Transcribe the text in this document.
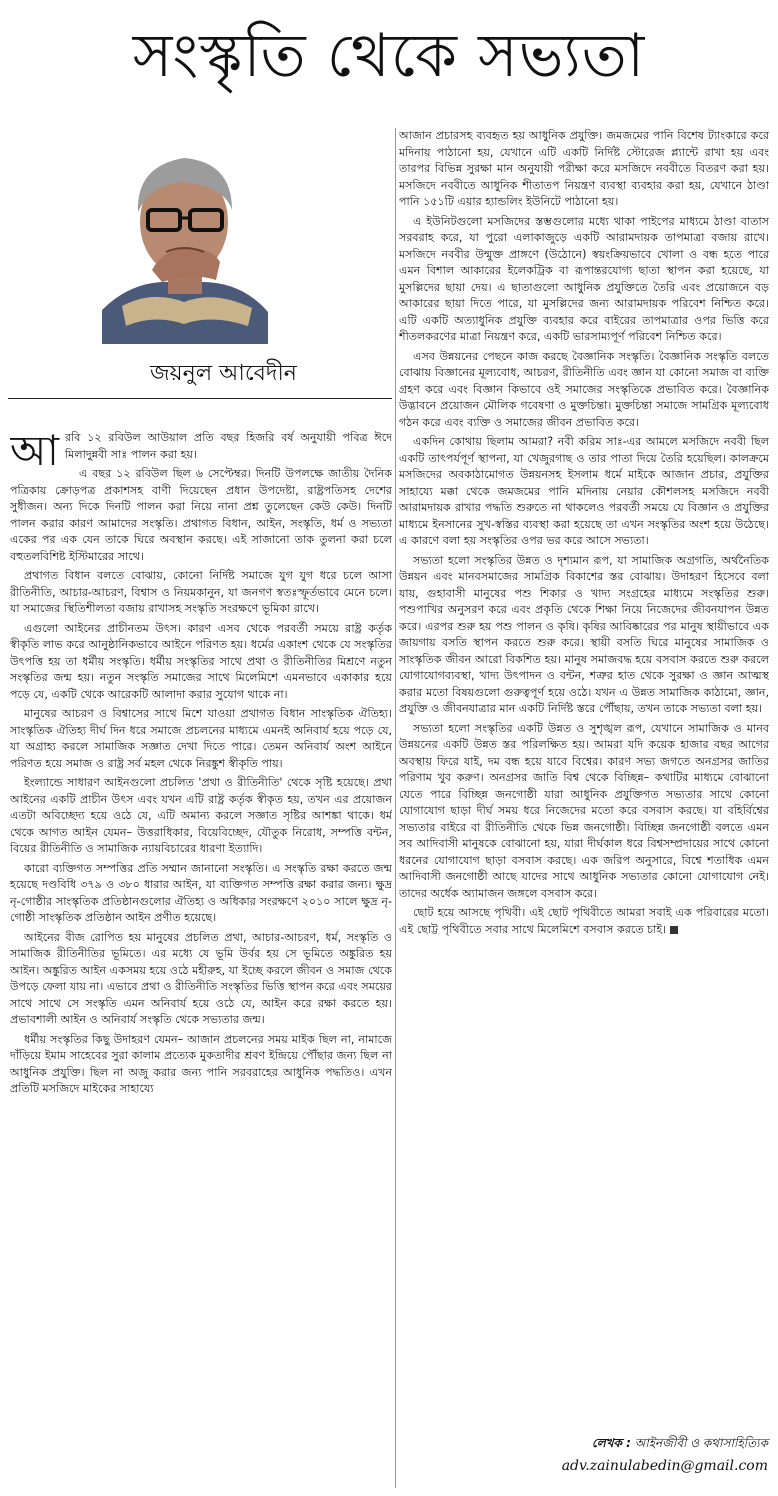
সংস্কৃতি থেকে সভ্যতা
জয়নুল আবেদীন

আরবি ১২ রবিউল আউয়াল প্রতি বছর হিজরি বর্ষ অনুযায়ী পবিত্র ঈদে মিলাদুন্নবী সাঃ পালন করা হয়।

এ বছর ১২ রবিউল ছিল ৬ সেপ্টেম্বর। দিনটি উপলক্ষে জাতীয় দৈনিক পত্রিকায় ক্রোড়পত্র প্রকাশসহ বাণী দিয়েছেন প্রধান উপদেষ্টা, রাষ্ট্রপতিসহ দেশের সুধীজন। অন্য দিকে দিনটি পালন করা নিয়ে নানা প্রশ্ন তুলেছেন কেউ কেউ। দিনটি পালন করার কারণ আমাদের সংস্কৃতি। প্রথাগত বিধান, আইন, সংস্কৃতি, ধর্ম ও সভ্যতা একের পর এক যেন তাকে ঘিরে অবস্থান করছে। এই সাজানো তাক তুলনা করা চলে বহুতলবিশিষ্ট ইস্টিমারের সাথে।

প্রথাগত বিধান বলতে বোঝায়, কোনো নির্দিষ্ট সমাজে যুগ যুগ ধরে চলে আসা রীতিনীতি, আচার-আচরণ, বিশ্বাস ও নিয়মকানুন, যা জনগণ স্বতঃস্ফূর্তভাবে মেনে চলে। যা সমাজের স্থিতিশীলতা বজায় রাখাসহ সংস্কৃতি সংরক্ষণে ভূমিকা রাখে।

এগুলো আইনের প্রাচীনতম উৎস। কারণ এসব থেকে পরবর্তী সময়ে রাষ্ট্র কর্তৃক স্বীকৃতি লাভ করে আনুষ্ঠানিকভাবে আইনে পরিণত হয়। ধর্মের একাংশ থেকে যে সংস্কৃতির উৎপত্তি হয় তা ধর্মীয় সংস্কৃতি। ধর্মীয় সংস্কৃতির সাথে প্রথা ও রীতিনীতির মিশ্রণে নতুন সংস্কৃতির জন্ম হয়। নতুন সংস্কৃতি সমাজের সাথে মিলেমিশে এমনভাবে একাকার হয়ে পড়ে যে, একটি থেকে আরেকটি আলাদা করার সুযোগ থাকে না।

মানুষের আচরণ ও বিশ্বাসের সাথে মিশে যাওয়া প্রথাগত বিধান সাংস্কৃতিক ঐতিহ্য। সাংস্কৃতিক ঐতিহ্য দীর্ঘ দিন ধরে সমাজে প্রচলনের মাধ্যমে এমনই অনিবার্য হয়ে পড়ে যে, যা অগ্রাহ্য করলে সামাজিক সজ্ঞাত দেখা দিতে পারে। তেমন অনিবার্য অংশ আইনে পরিণত হয়ে সমাজ ও রাষ্ট্র সর্ব মহল থেকে নিরঙ্কুশ স্বীকৃতি পায়।

ইংল্যান্ডে সাধারণ আইনগুলো প্রচলিত 'প্রথা ও রীতিনীতি' থেকে সৃষ্টি হয়েছে। প্রথা আইনের একটি প্রাচীন উৎস এবং যখন এটি রাষ্ট্র কর্তৃক স্বীকৃত হয়, তখন এর প্রয়োজন এতটা অবিচ্ছেদ্য হয়ে ওঠে যে, এটি অমান্য করলে সজ্ঞাত সৃষ্টির আশঙ্কা থাকে। ধর্ম থেকে আগত আইন যেমন– উত্তরাধিকার, বিয়েবিচ্ছেদ, যৌতুক নিরোধ, সম্পত্তি বন্টন, বিয়ের রীতিনীতি ও সামাজিক ন্যায়বিচারের ধারণা ইত্যাদি।

কারো ব্যক্তিগত সম্পত্তির প্রতি সম্মান জানানো সংস্কৃতি। এ সংস্কৃতি রক্ষা করতে জন্ম হয়েছে দণ্ডবিধি ৩৭৯ ও ৩৮০ ধারার আইন, যা ব্যক্তিগত সম্পত্তি রক্ষা করার জন্য। ক্ষুদ্র নৃ-গোষ্ঠীর সাংস্কৃতিক প্রতিষ্ঠানগুলোর ঐতিহ্য ও অধিকার সংরক্ষণে ২০১০ সালে ক্ষুদ্র নৃ-গোষ্ঠী সাংস্কৃতিক প্রতিষ্ঠান আইন প্রণীত হয়েছে।

আইনের বীজ রোপিত হয় মানুষের প্রচলিত প্রথা, আচার-আচরণ, ধর্ম, সংস্কৃতি ও সামাজিক রীতিনীতির ভূমিতে। এর মধ্যে যে ভূমি উর্বর হয় সে ভূমিতে অঙ্কুরিত হয় আইন। অঙ্কুরিত আইন একসময় হয়ে ওঠে মহীরুহ, যা ইচ্ছে করলে জীবন ও সমাজ থেকে উপড়ে ফেলা যায় না। এভাবে প্রথা ও রীতিনীতি সংস্কৃতির ভিত্তি স্থাপন করে এবং সময়ের সাথে সাথে সে সংস্কৃতি এমন অনিবার্য হয়ে ওঠে যে, আইন করে রক্ষা করতে হয়। প্রভাবশালী আইন ও অনিবার্য সংস্কৃতি থেকে সভ্যতার জন্ম।

ধর্মীয় সংস্কৃতির কিছু উদাহরণ যেমন– আজান প্রচলনের সময় মাইক ছিল না, নামাজে দাঁড়িয়ে ইমাম সাহেবের সুরা কালাম প্রত্যেক মুকতাদীর শ্রবণ ইন্দ্রিয়ে পৌঁছার জন্য ছিল না আধুনিক প্রযুক্তি। ছিল না অজু করার জন্য পানি সরবরাহের আধুনিক পদ্ধতিও। এখন প্রতিটি মসজিদে মাইকের সাহায্যে

আজান প্রচারসহ ব্যবহৃত হয় আধুনিক প্রযুক্তি। জমজমের পানি বিশেষ ট্যাংকারে করে মদিনায় পাঠানো হয়, যেখানে এটি একটি নির্দিষ্ট স্টোরেজ প্ল্যান্টে রাখা হয় এবং তারপর বিভিন্ন সুরক্ষা মান অনুযায়ী পরীক্ষা করে মসজিদে নববীতে বিতরণ করা হয়। মসজিদে নববীতে আধুনিক শীতাতপ নিয়ন্ত্রণ ব্যবস্থা ব্যবহার করা হয়, যেখানে ঠাণ্ডা পানি ১৫১টি এয়ার হ্যান্ডলিং ইউনিটে পাঠানো হয়।

এ ইউনিটগুলো মসজিদের স্তম্ভগুলোর মধ্যে থাকা পাইপের মাধ্যমে ঠাণ্ডা বাতাস সরবরাহ করে, যা পুরো এলাকাজুড়ে একটি আরামদায়ক তাপমাত্রা বজায় রাখে। মসজিদে নববীর উন্মুক্ত প্রাঙ্গণে (উঠোনে) স্বয়ংক্রিয়ভাবে খোলা ও বন্ধ হতে পারে এমন বিশাল আকারের ইলেকট্রিক বা রূপান্তরযোগ্য ছাতা স্থাপন করা হয়েছে, যা মুসল্লিদের ছায়া দেয়। এ ছাতাগুলো আধুনিক প্রযুক্তিতে তৈরি এবং প্রয়োজনে বড় আকারের ছায়া দিতে পারে, যা মুসল্লিদের জন্য আরামদায়ক পরিবেশ নিশ্চিত করে। এটি একটি অত্যাধুনিক প্রযুক্তি ব্যবহার করে বাইরের তাপমাত্রার ওপর ভিত্তি করে শীতলকরণের মাত্রা নিয়ন্ত্রণ করে, একটি ভারসাম্যপূর্ণ পরিবেশ নিশ্চিত করে।

এসব উন্নয়নের পেছনে কাজ করছে বৈজ্ঞানিক সংস্কৃতি। বৈজ্ঞানিক সংস্কৃতি বলতে বোঝায় বিজ্ঞানের মূল্যবোধ, আচরণ, রীতিনীতি এবং জ্ঞান যা কোনো সমাজ বা ব্যক্তি গ্রহণ করে এবং বিজ্ঞান কিভাবে ওই সমাজের সংস্কৃতিকে প্রভাবিত করে। বৈজ্ঞানিক উদ্ভাবনে প্রয়োজন মৌলিক গবেষণা ও মুক্তচিন্তা। মুক্তচিন্তা সমাজে সামগ্রিক মূল্যবোধ গঠন করে এবং ব্যক্তি ও সমাজের জীবন প্রভাবিত করে।

একদিন কোথায় ছিলাম আমরা? নবী করিম সাঃ-এর আমলে মসজিদে নববী ছিল একটি তাৎপর্যপূর্ণ স্থাপনা, যা খেজুরগাছ ও তার পাতা দিয়ে তৈরি হয়েছিল। কালক্রমে মসজিদের অবকাঠামোগত উন্নয়নসহ ইসলাম ধর্মে মাইকে আজান প্রচার, প্রযুক্তির সাহায্যে মক্কা থেকে জমজমের পানি মদিনায় নেয়ার কৌশলসহ মসজিদে নববী আরামদায়ক রাখার পদ্ধতি শুরুতে না থাকলেও পরবর্তী সময়ে যে বিজ্ঞান ও প্রযুক্তির মাধ্যমে ইনসানের সুখ-স্বস্তির ব্যবস্থা করা হয়েছে তা এখন সংস্কৃতির অংশ হয়ে উঠেছে। এ কারণে বলা হয় সংস্কৃতির ওপর ভর করে আসে সভ্যতা।

সভ্যতা হলো সংস্কৃতির উন্নত ও দৃশ্যমান রূপ, যা সামাজিক অগ্রগতি, অর্থনৈতিক উন্নয়ন এবং মানবসমাজের সামগ্রিক বিকাশের স্তর বোঝায়। উদাহরণ হিসেবে বলা যায়, গুহাবাসী মানুষের পশু শিকার ও খাদ্য সংগ্রহের মাধ্যমে সংস্কৃতির শুরু। পশুপাখির অনুসরণ করে এবং প্রকৃতি থেকে শিক্ষা নিয়ে নিজেদের জীবনযাপন উন্নত করে। এরপর শুরু হয় পশু পালন ও কৃষি। কৃষির আবিষ্কারের পর মানুষ স্থায়ীভাবে এক জায়গায় বসতি স্থাপন করতে শুরু করে। স্থায়ী বসতি ঘিরে মানুষের সামাজিক ও সাংস্কৃতিক জীবন আরো বিকশিত হয়। মানুষ সমাজবদ্ধ হয়ে বসবাস করতে শুরু করলে যোগাযোগব্যবস্থা, খাদ্য উৎপাদন ও বন্টন, শত্রুর হাত থেকে সুরক্ষা ও জ্ঞান আত্মস্থ করার মতো বিষয়গুলো গুরুত্বপূর্ণ হয়ে ওঠে। যখন এ উন্নত সামাজিক কাঠামো, জ্ঞান, প্রযুক্তি ও জীবনযাত্রার মান একটি নির্দিষ্ট স্তরে পৌঁছায়, তখন তাকে সভ্যতা বলা হয়।

সভ্যতা হলো সংস্কৃতির একটি উন্নত ও সুশৃঙ্খল রূপ, যেখানে সামাজিক ও মানব উন্নয়নের একটি উন্নত স্তর পরিলক্ষিত হয়। আমরা যদি কয়েক হাজার বছর আগের অবস্থায় ফিরে যাই, দম বন্ধ হয়ে যাবে বিশ্বের। কারণ সভ্য জগতে অনগ্রসর জাতির পরিণাম খুব করুণ। অনগ্রসর জাতি বিশ্ব থেকে বিচ্ছিন্ন– কথাটির মাধ্যমে বোঝানো যেতে পারে বিচ্ছিন্ন জনগোষ্ঠী যারা আধুনিক প্রযুক্তিগত সভ্যতার সাথে কোনো যোগাযোগ ছাড়া দীর্ঘ সময় ধরে নিজেদের মতো করে বসবাস করছে। যা বহির্বিশ্বের সভ্যতার বাইরে বা রীতিনীতি থেকে ভিন্ন জনগোষ্ঠী। বিচ্ছিন্ন জনগোষ্ঠী বলতে এমন সব আদিবাসী মানুষকে বোঝানো হয়, যারা দীর্ঘকাল ধরে বিশ্বসম্প্রদায়ের সাথে কোনো ধরনের যোগাযোগ ছাড়া বসবাস করছে। এক জরিপ অনুসারে, বিশ্বে শতাধিক এমন আদিবাসী জনগোষ্ঠী আছে যাদের সাথে আধুনিক সভ্যতার কোনো যোগাযোগ নেই। তাদের অর্ধেক অ্যামাজন জঙ্গলে বসবাস করে।

ছোট হয়ে আসছে পৃথিবী। এই ছোট পৃথিবীতে আমরা সবাই এক পরিবারের মতো। এই ছোট্ট পৃথিবীতে সবার সাথে মিলেমিশে বসবাস করতে চাই।

লেখক : আইনজীবী ও কথাসাহিত্যিক
adv.zainulabedin@gmail.com
